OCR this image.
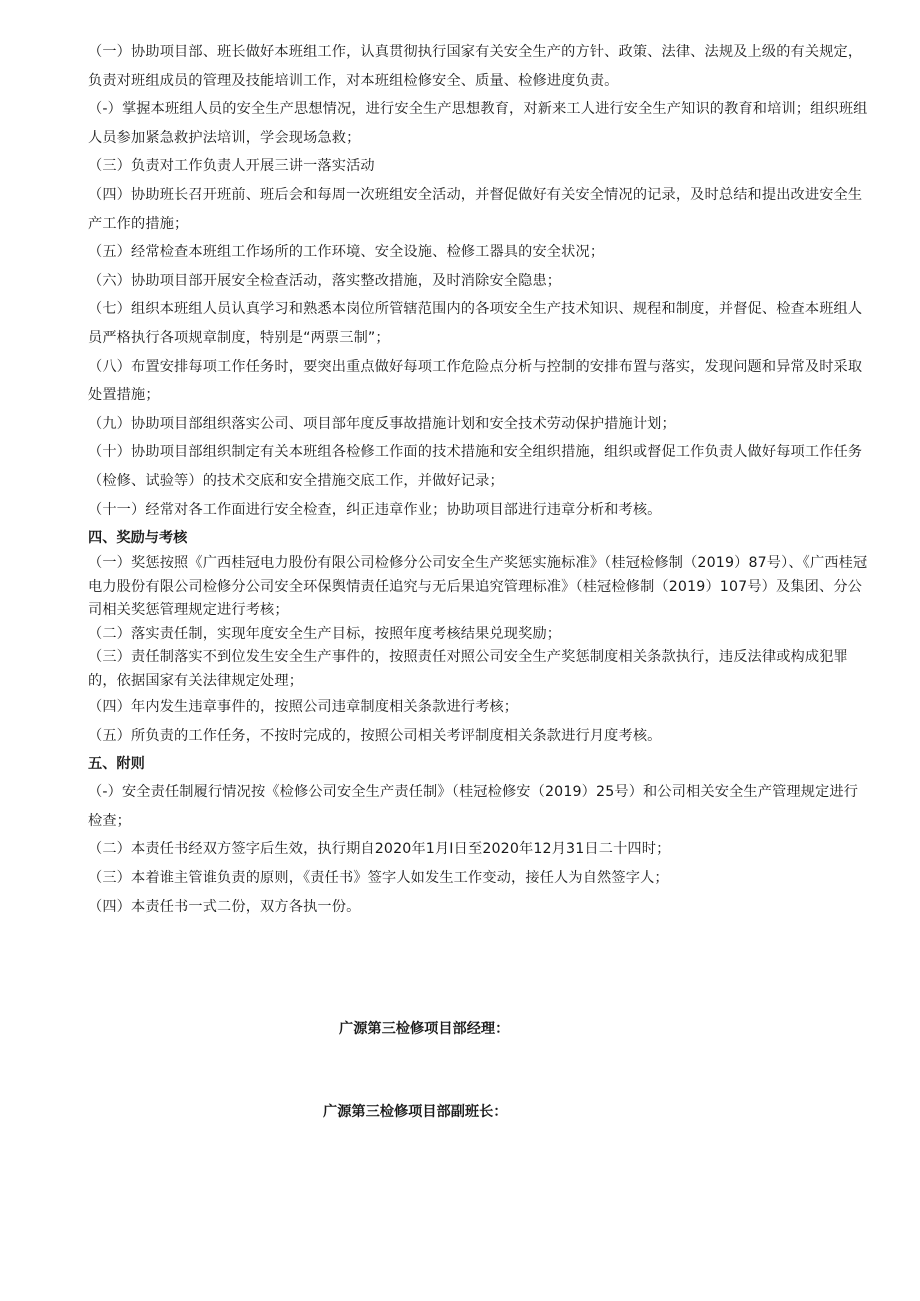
（一）协助项目部、班长做好本班组工作，认真贯彻执行国家有关安全生产的方针、政策、法律、法规及上级的有关规定，负责对班组成员的管理及技能培训工作，对本班组检修安全、质量、检修进度负责。

（-）掌握本班组人员的安全生产思想情况，进行安全生产思想教育，对新来工人进行安全生产知识的教育和培训；组织班组人员参加紧急救护法培训，学会现场急救；

（三）负责对工作负责人开展三讲一落实活动

（四）协助班长召开班前、班后会和每周一次班组安全活动，并督促做好有关安全情况的记录，及时总结和提出改进安全生产工作的措施；

（五）经常检查本班组工作场所的工作环境、安全设施、检修工器具的安全状况；

（六）协助项目部开展安全检查活动，落实整改措施，及时消除安全隐患；

（七）组织本班组人员认真学习和熟悉本岗位所管辖范围内的各项安全生产技术知识、规程和制度，并督促、检查本班组人员严格执行各项规章制度，特别是“两票三制”；

（八）布置安排每项工作任务时，要突出重点做好每项工作危险点分析与控制的安排布置与落实，发现问题和异常及时采取处置措施；

（九）协助项目部组织落实公司、项目部年度反事故措施计划和安全技术劳动保护措施计划；

（十）协助项目部组织制定有关本班组各检修工作面的技术措施和安全组织措施，组织或督促工作负责人做好每项工作任务（检修、试验等）的技术交底和安全措施交底工作，并做好记录；

（十一）经常对各工作面进行安全检查，纠正违章作业；协助项目部进行违章分析和考核。

四、奖励与考核

（一）奖惩按照《广西桂冠电力股份有限公司检修分公司安全生产奖惩实施标准》（桂冠检修制（2019）87号）、《广西桂冠电力股份有限公司检修分公司安全环保舆情责任追究与无后果追究管理标准》（桂冠检修制（2019）107号）及集团、分公司相关奖惩管理规定进行考核；

（二）落实责任制，实现年度安全生产目标，按照年度考核结果兑现奖励；

（三）责任制落实不到位发生安全生产事件的，按照责任对照公司安全生产奖惩制度相关条款执行，违反法律或构成犯罪的，依据国家有关法律规定处理；

（四）年内发生违章事件的，按照公司违章制度相关条款进行考核；

（五）所负责的工作任务，不按时完成的，按照公司相关考评制度相关条款进行月度考核。

五、附则

（-）安全责任制履行情况按《检修公司安全生产责任制》（桂冠检修安（2019）25号）和公司相关安全生产管理规定进行检查；

（二）本责任书经双方签字后生效，执行期自2020年1月I日至2020年12月31日二十四时；

（三）本着谁主管谁负责的原则，《责任书》签字人如发生工作变动，接任人为自然签字人；

（四）本责任书一式二份，双方各执一份。

广源第三检修项目部经理：
广源第三检修项目部副班长：
